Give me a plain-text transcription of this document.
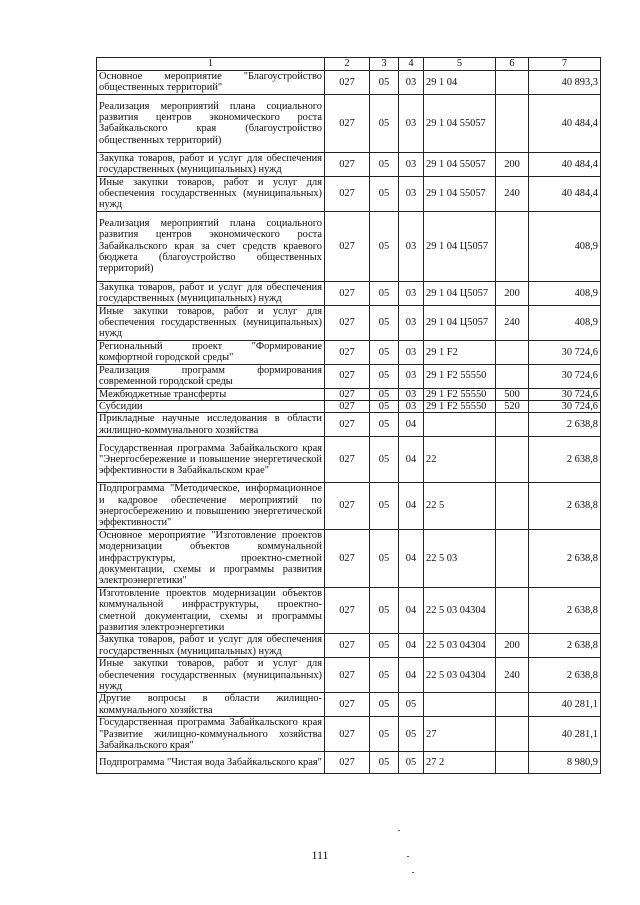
1	2	3	4	5	6	7
Основное мероприятие "Благоустройство общественных территорий"	027	05	03	29 1 04		40 893,3
Реализация мероприятий плана социального развития центров экономического роста Забайкальского края (благоустройство общественных территорий)	027	05	03	29 1 04 55057		40 484,4
Закупка товаров, работ и услуг для обеспечения государственных (муниципальных) нужд	027	05	03	29 1 04 55057	200	40 484,4
Иные закупки товаров, работ и услуг для обеспечения государственных (муниципальных) нужд	027	05	03	29 1 04 55057	240	40 484,4
Реализация мероприятий плана социального развития центров экономического роста Забайкальского края за счет средств краевого бюджета (благоустройство общественных территорий)	027	05	03	29 1 04 Ц5057		408,9
Закупка товаров, работ и услуг для обеспечения государственных (муниципальных) нужд	027	05	03	29 1 04 Ц5057	200	408,9
Иные закупки товаров, работ и услуг для обеспечения государственных (муниципальных) нужд	027	05	03	29 1 04 Ц5057	240	408,9
Региональный проект "Формирование комфортной городской среды"	027	05	03	29 1 F2		30 724,6
Реализация программ формирования современной городской среды	027	05	03	29 1 F2 55550		30 724,6
Межбюджетные трансферты	027	05	03	29 1 F2 55550	500	30 724,6
Субсидии	027	05	03	29 1 F2 55550	520	30 724,6
Прикладные научные исследования в области жилищно-коммунального хозяйства	027	05	04			2 638,8
Государственная программа Забайкальского края "Энергосбережение и повышение энергетической эффективности в Забайкальском крае"	027	05	04	22		2 638,8
Подпрограмма "Методическое, информационное и кадровое обеспечение мероприятий по энергосбережению и повышению энергетической эффективности"	027	05	04	22 5		2 638,8
Основное мероприятие "Изготовление проектов модернизации объектов коммунальной инфраструктуры, проектно-сметной документации, схемы и программы развития электроэнергетики"	027	05	04	22 5 03		2 638,8
Изготовление проектов модернизации объектов коммунальной инфраструктуры, проектно-сметной документации, схемы и программы развития электроэнергетики	027	05	04	22 5 03 04304		2 638,8
Закупка товаров, работ и услуг для обеспечения государственных (муниципальных) нужд	027	05	04	22 5 03 04304	200	2 638,8
Иные закупки товаров, работ и услуг для обеспечения государственных (муниципальных) нужд	027	05	04	22 5 03 04304	240	2 638,8
Другие вопросы в области жилищно-коммунального хозяйства	027	05	05			40 281,1
Государственная программа Забайкальского края "Развитие жилищно-коммунального хозяйства Забайкальского края"	027	05	05	27		40 281,1
Подпрограмма "Чистая вода Забайкальского края"	027	05	05	27 2		8 980,9
111
